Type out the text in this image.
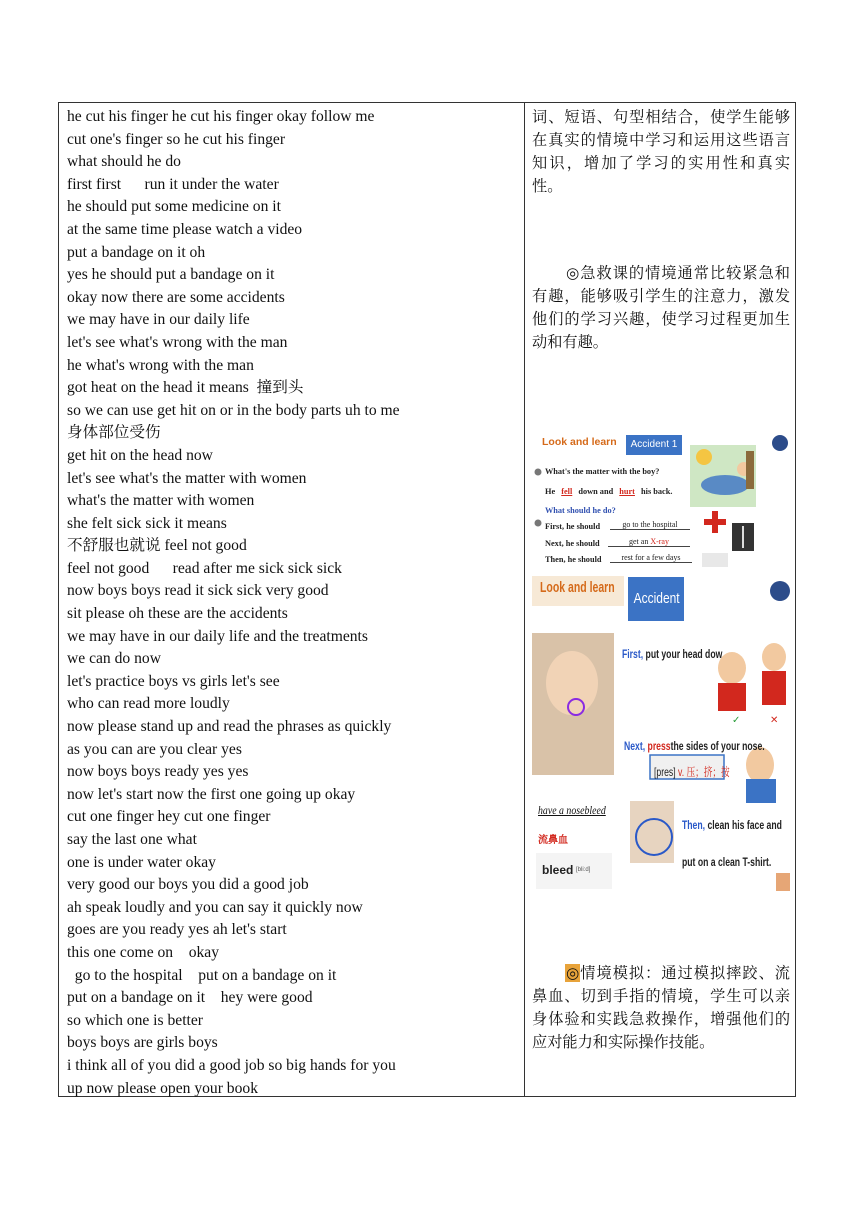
he cut his finger he cut his finger okay follow me
cut one's finger so he cut his finger
what should he do
first first      run it under the water
he should put some medicine on it
at the same time please watch a video
put a bandage on it oh
yes he should put a bandage on it
okay now there are some accidents
we may have in our daily life
let's see what's wrong with the man
he what's wrong with the man
got heat on the head it means  撞到头
so we can use get hit on or in the body parts uh to me
身体部位受伤
get hit on the head now
let's see what's the matter with women
what's the matter with women
she felt sick sick it means
不舒服也就说 feel not good
feel not good      read after me sick sick sick
now boys boys read it sick sick very good
sit please oh these are the accidents
we may have in our daily life and the treatments
we can do now
let's practice boys vs girls let's see
who can read more loudly
now please stand up and read the phrases as quickly
as you can are you clear yes
now boys boys ready yes yes
now let's start now the first one going up okay
cut one finger hey cut one finger
say the last one what
one is under water okay
very good our boys you did a good job
ah speak loudly and you can say it quickly now
goes are you ready yes ah let's start
this one come on    okay
go to the hospital    put on a bandage on it
put on a bandage on it    hey were good
so which one is better
boys boys are girls boys
i think all of you did a good job so big hands for you
up now please open your book
词、短语、句型相结合，使学生能够在真实的情境中学习和运用这些语言知识，增加了学习的实用性和真实性。
◎急救课的情境通常比较紧急和有趣，能够吸引学生的注意力，激发他们的学习兴趣，使学习过程更加生动和有趣。
Look and learn	Accident 1
What's the matter with the boy?
He fell down and hurt his back.
What should he do?
First, he should	go to the hospital
Next, he should	get an X-ray
Then, he should	rest for a few days
✓	✕
Look and learn
Accident 2
First, put your head dow
Next, pressthe sides of your nose.
[pres] v. 压；挤；按
Then, clean his face and
put on a clean T-shirt.
have a nosebleed
流鼻血
bleed [bli:d]
◎情境模拟：通过模拟摔跤、流鼻血、切到手指的情境，学生可以亲身体验和实践急救操作，增强他们的应对能力和实际操作技能。
